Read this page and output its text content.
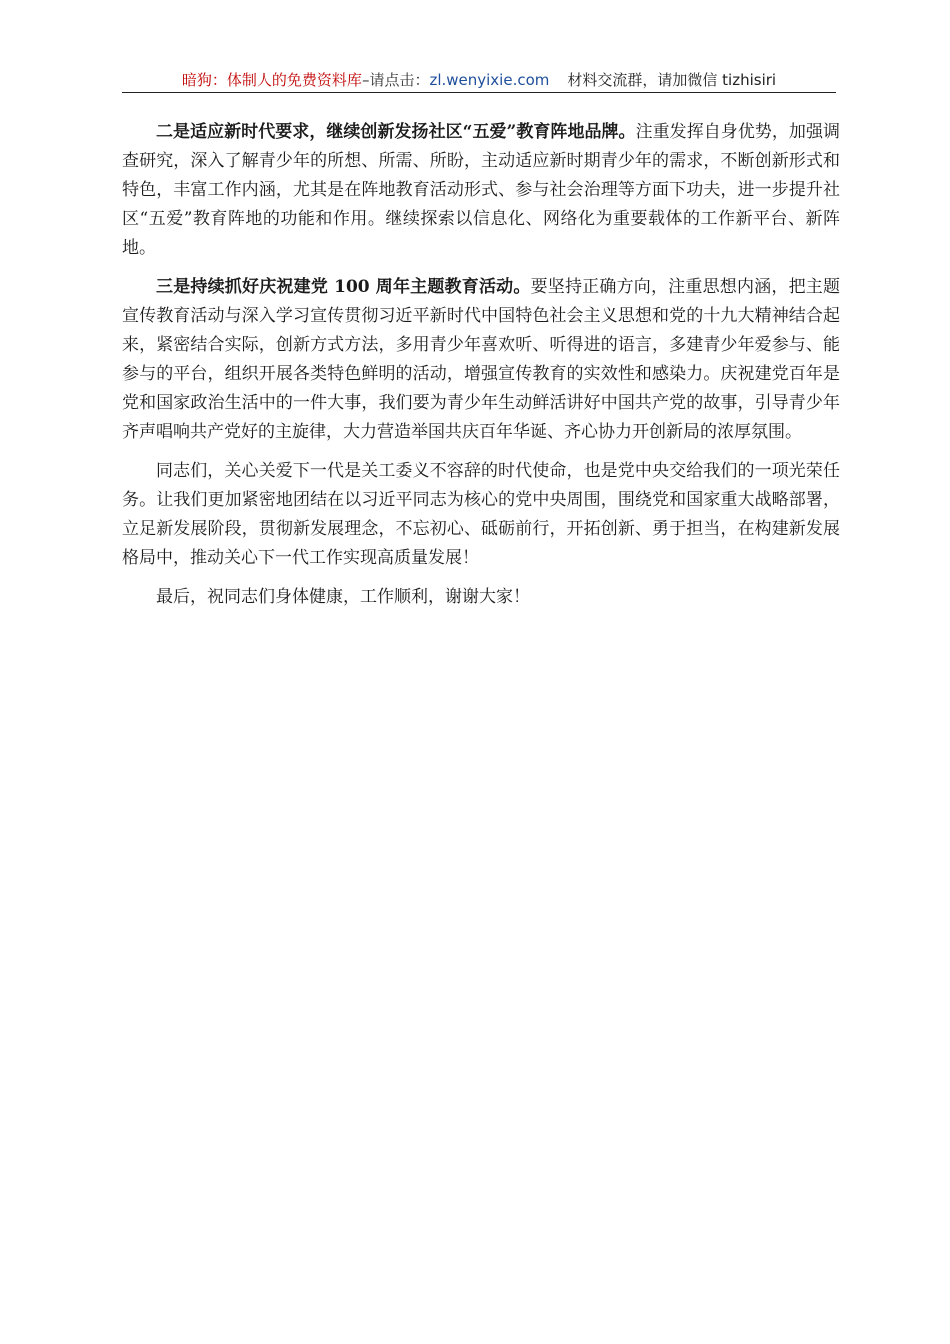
暗狗：体制人的免费资料库–请点击：zl.wenyixie.com 材料交流群，请加微信 tizhisiri

二是适应新时代要求，继续创新发扬社区“五爱”教育阵地品牌。注重发挥自身优势，加强调查研究，深入了解青少年的所想、所需、所盼，主动适应新时期青少年的需求，不断创新形式和特色，丰富工作内涵，尤其是在阵地教育活动形式、参与社会治理等方面下功夫，进一步提升社区“五爱”教育阵地的功能和作用。继续探索以信息化、网络化为重要载体的工作新平台、新阵地。

三是持续抓好庆祝建党 100 周年主题教育活动。要坚持正确方向，注重思想内涵，把主题宣传教育活动与深入学习宣传贯彻习近平新时代中国特色社会主义思想和党的十九大精神结合起来，紧密结合实际，创新方式方法，多用青少年喜欢听、听得进的语言，多建青少年爱参与、能参与的平台，组织开展各类特色鲜明的活动，增强宣传教育的实效性和感染力。庆祝建党百年是党和国家政治生活中的一件大事，我们要为青少年生动鲜活讲好中国共产党的故事，引导青少年齐声唱响共产党好的主旋律，大力营造举国共庆百年华诞、齐心协力开创新局的浓厚氛围。

同志们，关心关爱下一代是关工委义不容辞的时代使命，也是党中央交给我们的一项光荣任务。让我们更加紧密地团结在以习近平同志为核心的党中央周围，围绕党和国家重大战略部署，立足新发展阶段，贯彻新发展理念，不忘初心、砥砺前行，开拓创新、勇于担当，在构建新发展格局中，推动关心下一代工作实现高质量发展！

最后，祝同志们身体健康，工作顺利，谢谢大家！
